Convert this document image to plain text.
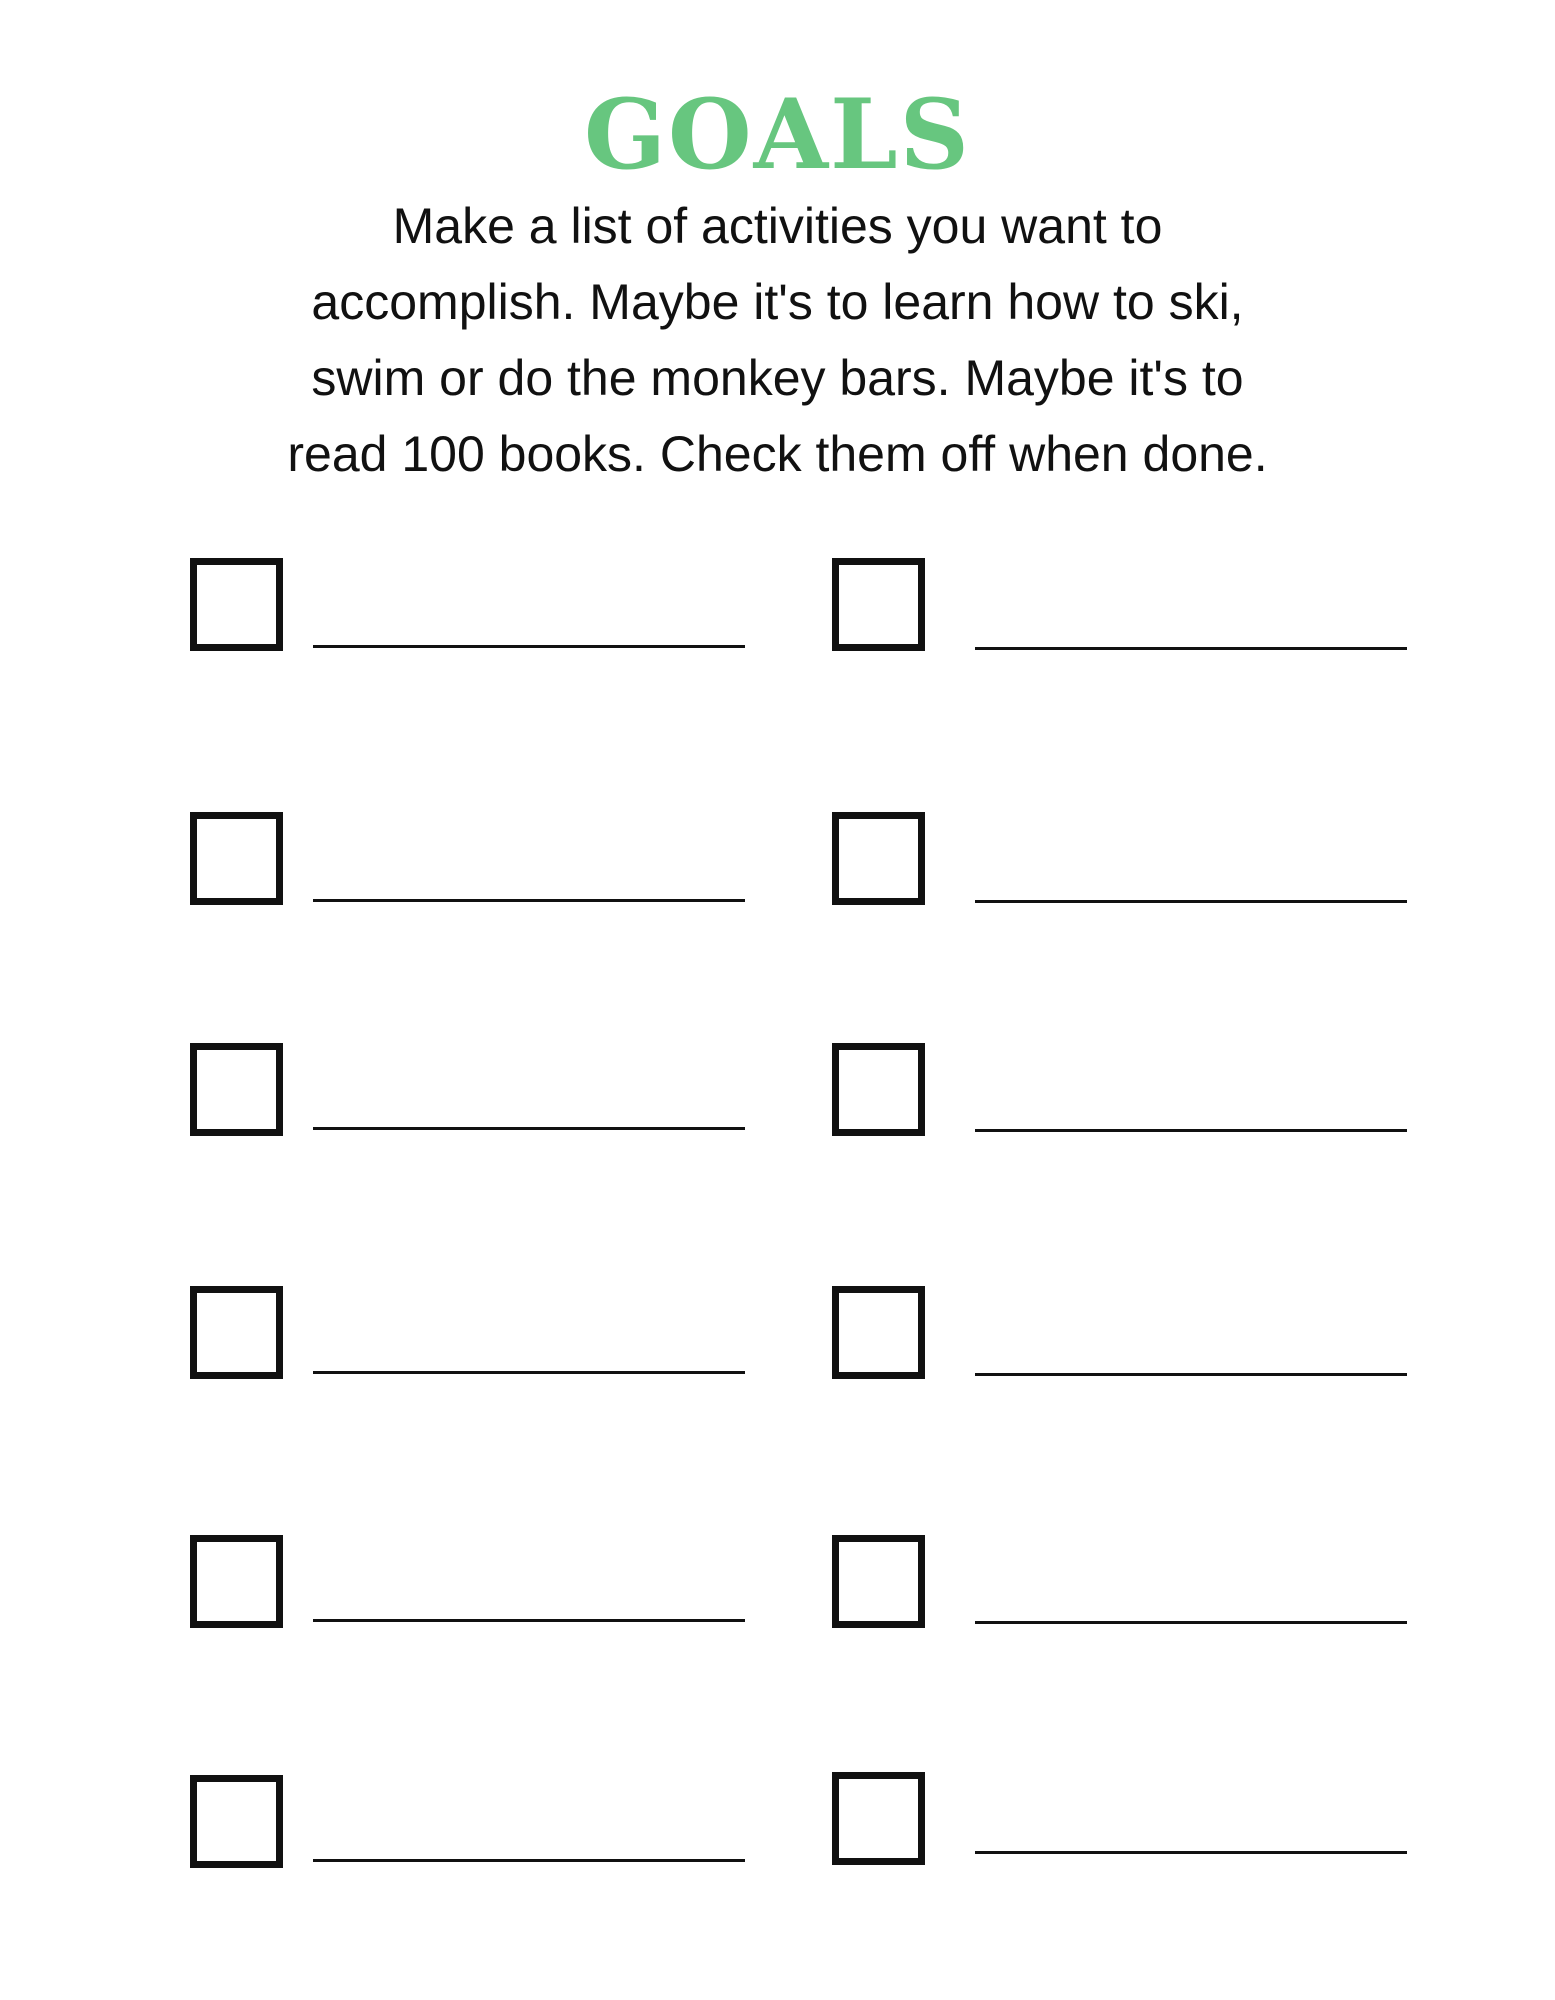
GOALS
Make a list of activities you want to
accomplish. Maybe it's to learn how to ski,
swim or do the monkey bars. Maybe it's to
read 100 books. Check them off when done.
